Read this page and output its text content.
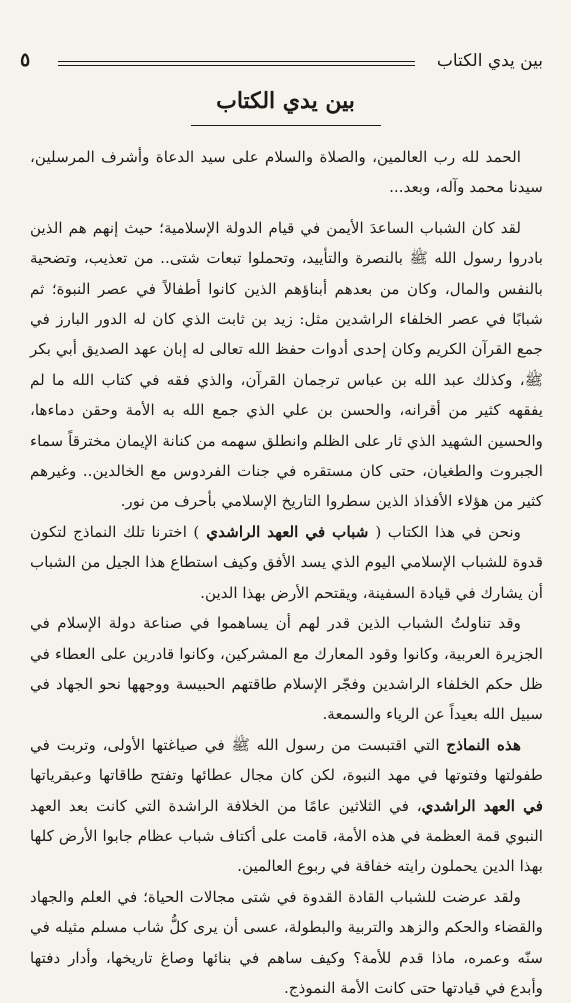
بين يدي الكتاب
٥
بين يدي الكتاب

الحمد لله رب العالمين، والصلاة والسلام على سيد الدعاة وأشرف المرسلين، سيدنا محمد وآله، وبعد...

لقد كان الشباب الساعدَ الأيمن في قيام الدولة الإسلامية؛ حيث إنهم هم الذين بادروا رسول الله ﷺ بالنصرة والتأييد، وتحملوا تبعات شتى.. من تعذيب، وتضحية بالنفس والمال، وكان من بعدهم أبناؤهم الذين كانوا أطفالاً في عصر النبوة؛ ثم شبابًا في عصر الخلفاء الراشدين مثل: زيد بن ثابت الذي كان له الدور البارز في جمع القرآن الكريم وكان إحدى أدوات حفظ الله تعالى له إبان عهد الصديق أبي بكر ﷺ، وكذلك عبد الله بن عباس ترجمان القرآن، والذي فقه في كتاب الله ما لم يفقهه كثير من أقرانه، والحسن بن علي الذي جمع الله به الأمة وحقن دماءها، والحسين الشهيد الذي ثار على الظلم وانطلق سهمه من كنانة الإيمان مخترقاً سماء الجبروت والطغيان، حتى كان مستقره في جنات الفردوس مع الخالدين.. وغيرهم كثير من هؤلاء الأفذاذ الذين سطروا التاريخ الإسلامي بأحرف من نور.

ونحن في هذا الكتاب ( شباب في العهد الراشدي ) اخترنا تلك النماذج لتكون قدوة للشباب الإسلامي اليوم الذي يسد الأفق وكيف استطاع هذا الجيل من الشباب أن يشارك في قيادة السفينة، ويقتحم الأرض بهذا الدين.

وقد تناولتُ الشباب الذين قدر لهم أن يساهموا في صناعة دولة الإسلام في الجزيرة العربية، وكانوا وقود المعارك مع المشركين، وكانوا قادرين على العطاء في ظل حكم الخلفاء الراشدين وفجّر الإسلام طاقتهم الحبيسة ووجهها نحو الجهاد في سبيل الله بعيداً عن الرياء والسمعة.

هذه النماذج التي اقتبست من رسول الله ﷺ في صياغتها الأولى، وتربت في طفولتها وفتوتها في مهد النبوة، لكن كان مجال عطائها وتفتح طاقاتها وعبقرياتها في العهد الراشدي، في الثلاثين عامًا من الخلافة الراشدة التي كانت بعد العهد النبوي قمة العظمة في هذه الأمة، قامت على أكتاف شباب عظام جابوا الأرض كلها بهذا الدين يحملون رايته خفاقة في ربوع العالمين.

ولقد عرضت للشباب القادة القدوة في شتى مجالات الحياة؛ في العلم والجهاد والقضاء والحكم والزهد والتربية والبطولة، عسى أن يرى كلُّ شاب مسلم مثيله في سنّه وعمره، ماذا قدم للأمة؟ وكيف ساهم في بنائها وصاغ تاريخها، وأدار دفتها وأبدع في قيادتها حتى كانت الأمة النموذج.
